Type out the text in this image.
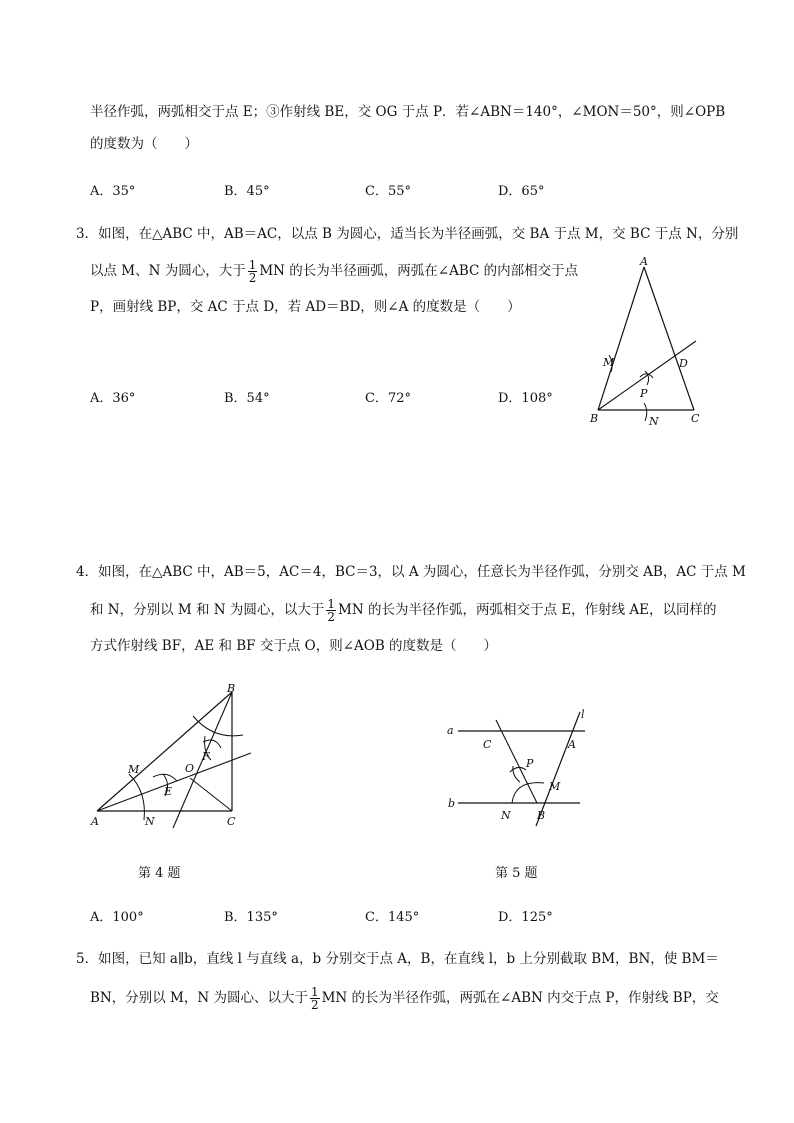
半径作弧，两弧相交于点 E；③作射线 BE，交 OG 于点 P．若∠ABN＝140°，∠MON＝50°，则∠OPB
的度数为（　　）
A．35°	B．45°	C．55°	D．65°
3．如图，在△ABC 中，AB＝AC，以点 B 为圆心，适当长为半径画弧，交 BA 于点 M，交 BC 于点 N，分别
以点 M、N 为圆心，大于 $\frac{1}{2}$ MN 的长为半径画弧，两弧在∠ABC 的内部相交于点
P，画射线 BP，交 AC 于点 D，若 AD＝BD，则∠A 的度数是（　　）
A．36°	B．54°	C．72°	D．108°
A
M	D
P
B	N	C
4．如图，在△ABC 中，AB＝5，AC＝4，BC＝3，以 A 为圆心，任意长为半径作弧，分别交 AB，AC 于点 M
和 N，分别以 M 和 N 为圆心，以大于 $\frac{1}{2}$ MN 的长为半径作弧，两弧相交于点 E，作射线 AE，以同样的
方式作射线 BF，AE 和 BF 交于点 O，则∠AOB 的度数是（　　）
B
M
F
O
E
A	N	C
a
l
C	A
P
M
b
N B
第 4 题	第 5 题
A．100°	B．135°	C．145°	D．125°
5．如图，已知 a∥b，直线 l 与直线 a，b 分别交于点 A，B，在直线 l，b 上分别截取 BM，BN，使 BM＝
BN，分别以 M，N 为圆心、以大于 $\frac{1}{2}$ MN 的长为半径作弧，两弧在∠ABN 内交于点 P，作射线 BP，交
